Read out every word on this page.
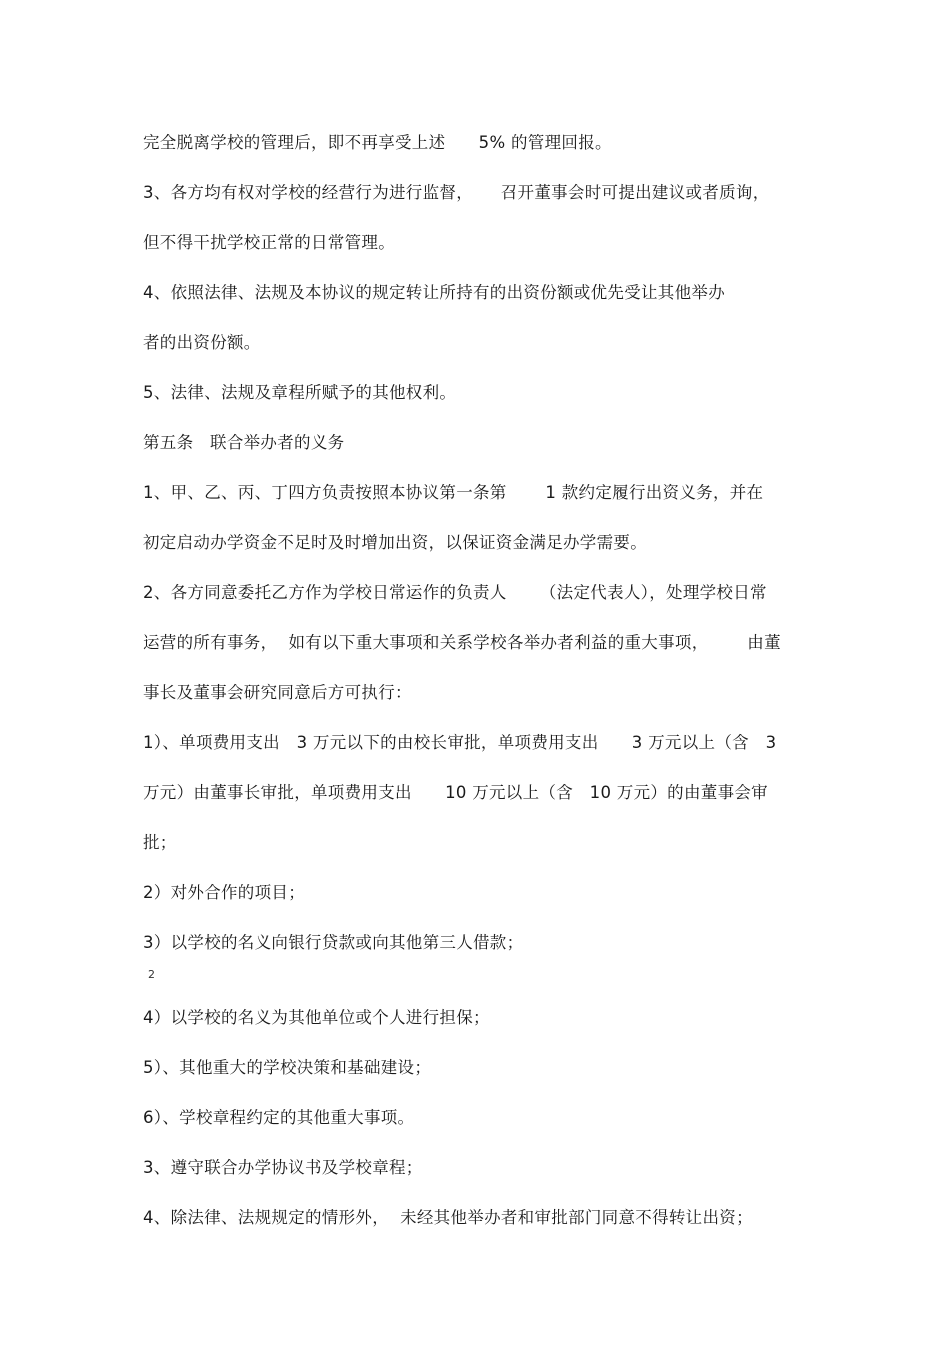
完全脱离学校的管理后，即不再享受上述      5% 的管理回报。
3、各方均有权对学校的经营行为进行监督，     召开董事会时可提出建议或者质询，
但不得干扰学校正常的日常管理。
4、依照法律、法规及本协议的规定转让所持有的出资份额或优先受让其他举办
者的出资份额。
5、法律、法规及章程所赋予的其他权利。
第五条   联合举办者的义务
1、甲、乙、丙、丁四方负责按照本协议第一条第       1 款约定履行出资义务，并在
初定启动办学资金不足时及时增加出资，以保证资金满足办学需要。
2、各方同意委托乙方作为学校日常运作的负责人      （法定代表人），处理学校日常
运营的所有事务，  如有以下重大事项和关系学校各举办者利益的重大事项，       由董
事长及董事会研究同意后方可执行：
1）、单项费用支出   3 万元以下的由校长审批，单项费用支出      3 万元以上（含   3
万元）由董事长审批，单项费用支出      10 万元以上（含   10 万元）的由董事会审
批；
2）对外合作的项目；
3）以学校的名义向银行贷款或向其他第三人借款；
2
4）以学校的名义为其他单位或个人进行担保；
5）、其他重大的学校决策和基础建设；
6）、学校章程约定的其他重大事项。
3、遵守联合办学协议书及学校章程；
4、除法律、法规规定的情形外，  未经其他举办者和审批部门同意不得转让出资；
